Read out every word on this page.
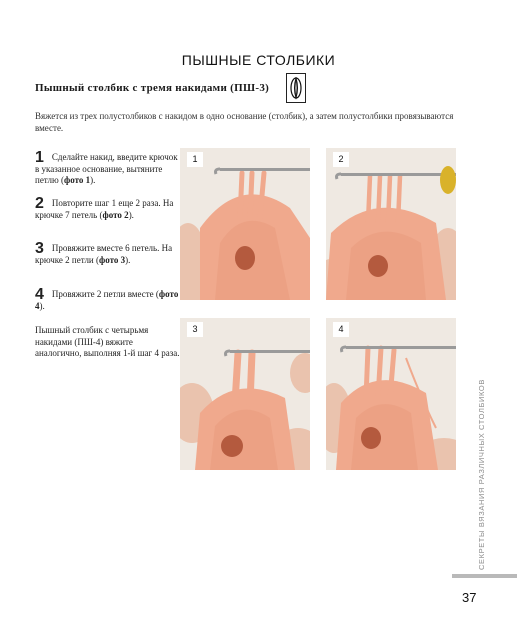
ПЫШНЫЕ СТОЛБИКИ
Пышный столбик с тремя накидами (ПШ-3)
Вяжется из трех полустолбиков с накидом в одно основание (столбик), а затем полустолбики провязываются вместе.
1 Сделайте накид, введите крючок в указанное основание, вытяните петлю (фото 1).
2 Повторите шаг 1 еще 2 раза. На крючке 7 петель (фото 2).
3 Провяжите вместе 6 петель. На крючке 2 петли (фото 3).
4 Провяжите 2 петли вместе (фото 4).
Пышный столбик с четырьмя накидами (ПШ-4) вяжите аналогично, выполняя 1-й шаг 4 раза.
1	2
3	4
СЕКРЕТЫ ВЯЗАНИЯ РАЗЛИЧНЫХ СТОЛБИКОВ
37
